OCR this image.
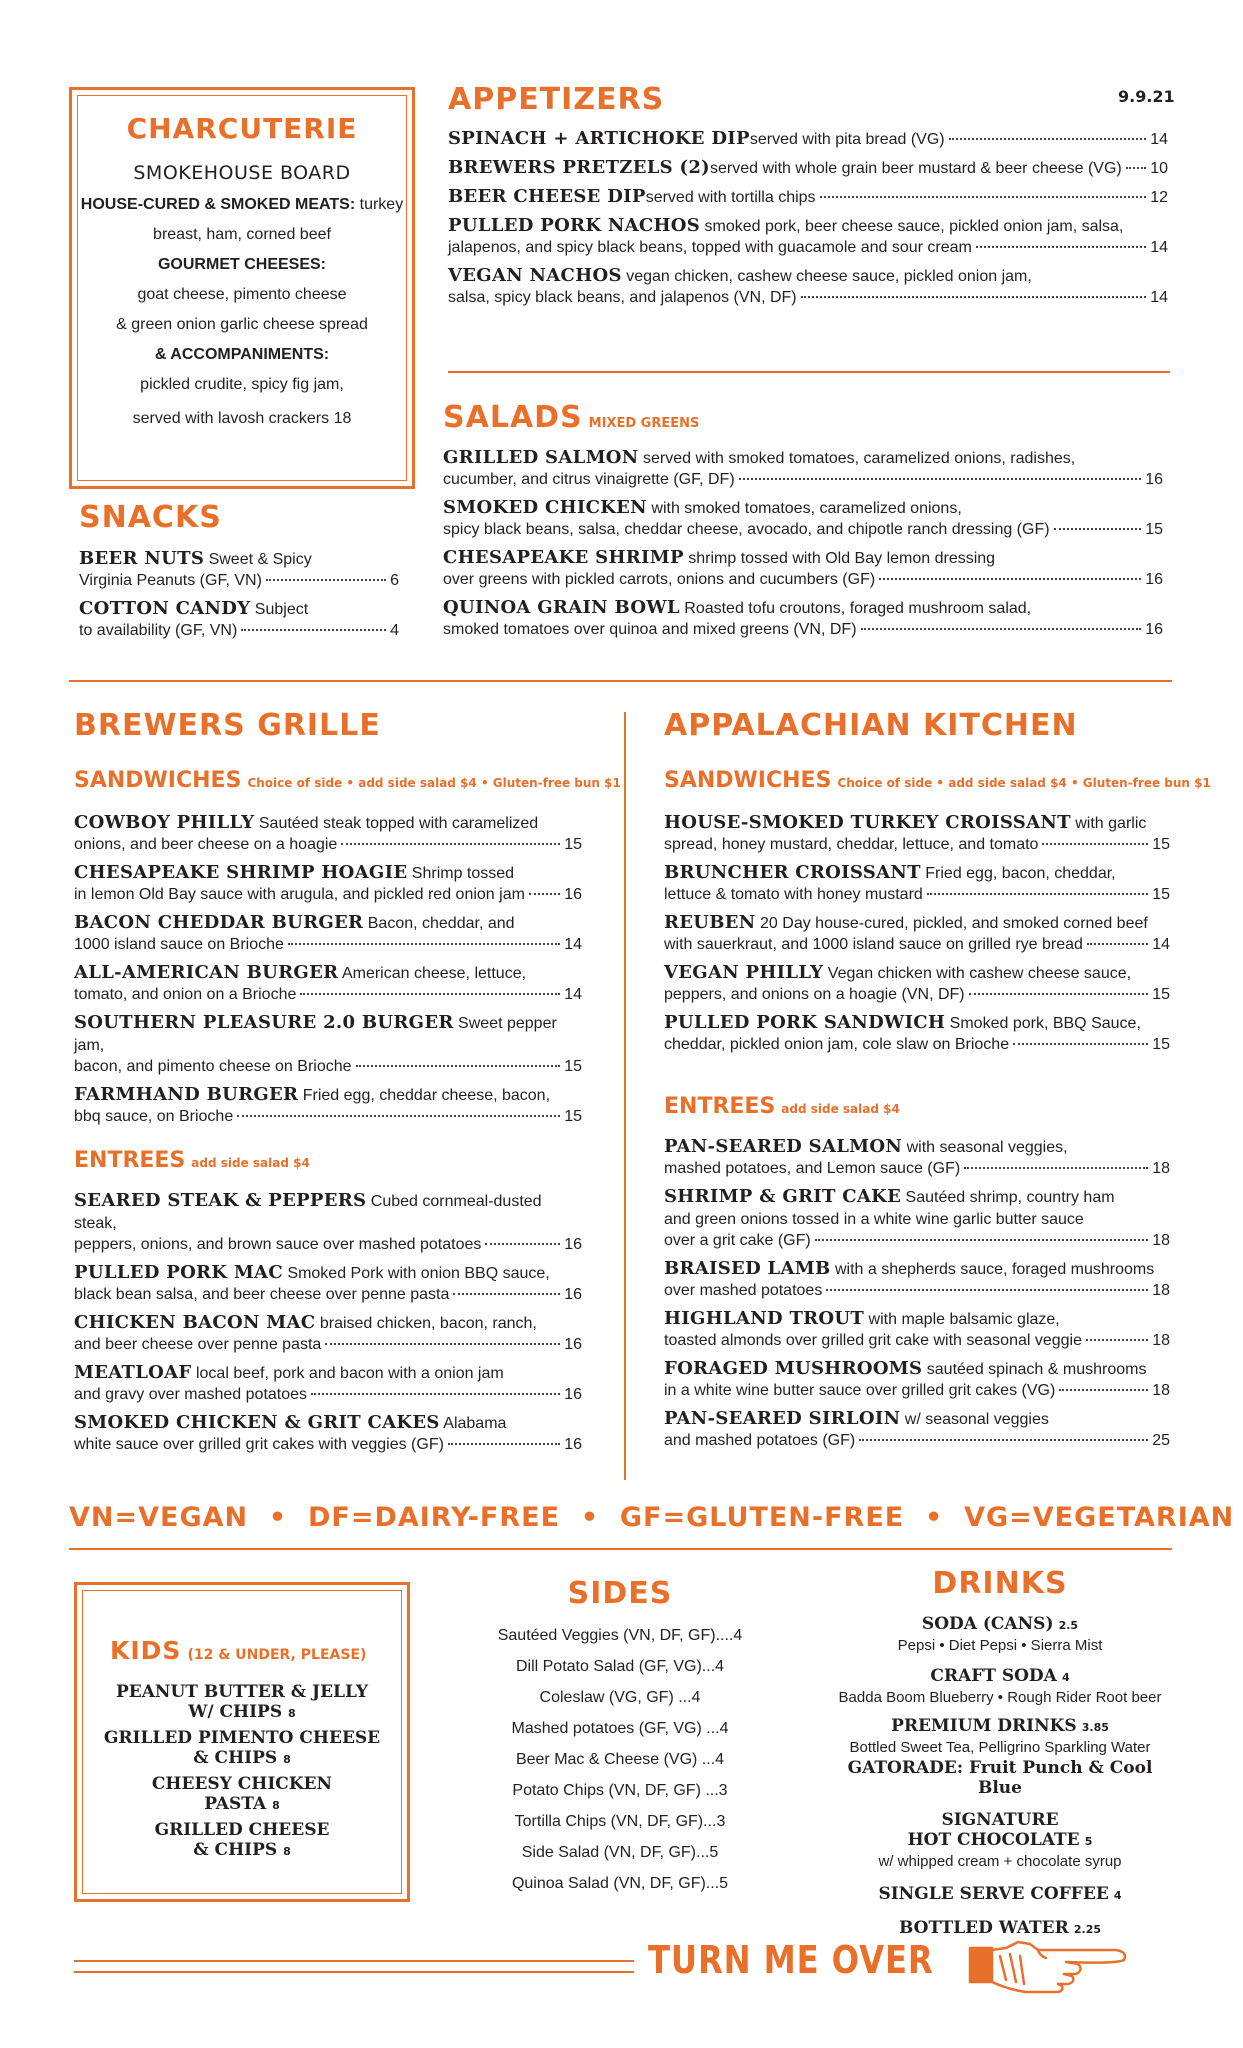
CHARCUTERIE
SMOKEHOUSE BOARD
HOUSE-CURED & SMOKED MEATS: turkey
breast, ham, corned beef
GOURMET CHEESES:
goat cheese, pimento cheese
& green onion garlic cheese spread
& ACCOMPANIMENTS:
pickled crudite, spicy fig jam,
served with lavosh crackers 18
SNACKS
BEER NUTS Sweet & Spicy
Virginia Peanuts (GF, VN)	6
COTTON CANDY Subject
to availability (GF, VN)	4
APPETIZERS	9.9.21
SPINACH + ARTICHOKE DIP served with pita bread (VG)	14
BREWERS PRETZELS (2) served with whole grain beer mustard & beer cheese (VG) 10
BEER CHEESE DIP served with tortilla chips	12
PULLED PORK NACHOS smoked pork, beer cheese sauce, pickled onion jam, salsa,
jalapenos, and spicy black beans, topped with guacamole and sour cream	14
VEGAN NACHOS vegan chicken, cashew cheese sauce, pickled onion jam,
salsa, spicy black beans, and jalapenos (VN, DF)	14
SALADS MIXED GREENS
GRILLED SALMON served with smoked tomatoes, caramelized onions, radishes,
cucumber, and citrus vinaigrette (GF, DF)	16
SMOKED CHICKEN with smoked tomatoes, caramelized onions,
spicy black beans, salsa, cheddar cheese, avocado, and chipotle ranch dressing (GF)	15
CHESAPEAKE SHRIMP shrimp tossed with Old Bay lemon dressing
over greens with pickled carrots, onions and cucumbers (GF)	16
QUINOA GRAIN BOWL Roasted tofu croutons, foraged mushroom salad,
smoked tomatoes over quinoa and mixed greens (VN, DF)	16
BREWERS GRILLE
SANDWICHES Choice of side • add side salad $4 • Gluten-free bun $1
COWBOY PHILLY Sautéed steak topped with caramelized
onions, and beer cheese on a hoagie	15
CHESAPEAKE SHRIMP HOAGIE Shrimp tossed
in lemon Old Bay sauce with arugula, and pickled red onion jam 16
BACON CHEDDAR BURGER Bacon, cheddar, and
1000 island sauce on Brioche	14
ALL-AMERICAN BURGER American cheese, lettuce,
tomato, and onion on a Brioche	14
SOUTHERN PLEASURE 2.0 BURGER Sweet pepper jam,
bacon, and pimento cheese on Brioche	15
FARMHAND BURGER Fried egg, cheddar cheese, bacon,
bbq sauce, on Brioche	15
ENTREES add side salad $4
SEARED STEAK & PEPPERS Cubed cornmeal-dusted steak,
peppers, onions, and brown sauce over mashed potatoes	16
PULLED PORK MAC Smoked Pork with onion BBQ sauce,
black bean salsa, and beer cheese over penne pasta	16
CHICKEN BACON MAC braised chicken, bacon, ranch,
and beer cheese over penne pasta	16
MEATLOAF local beef, pork and bacon with a onion jam
and gravy over mashed potatoes	16
SMOKED CHICKEN & GRIT CAKES Alabama
white sauce over grilled grit cakes with veggies (GF)	16
APPALACHIAN KITCHEN
SANDWICHES Choice of side • add side salad $4 • Gluten-free bun $1
HOUSE-SMOKED TURKEY CROISSANT with garlic
spread, honey mustard, cheddar, lettuce, and tomato	15
BRUNCHER CROISSANT Fried egg, bacon, cheddar,
lettuce & tomato with honey mustard	15
REUBEN 20 Day house-cured, pickled, and smoked corned beef
with sauerkraut, and 1000 island sauce on grilled rye bread	14
VEGAN PHILLY Vegan chicken with cashew cheese sauce,
peppers, and onions on a hoagie (VN, DF)	15
PULLED PORK SANDWICH Smoked pork, BBQ Sauce,
cheddar, pickled onion jam, cole slaw on Brioche	15
ENTREES add side salad $4
PAN-SEARED SALMON with seasonal veggies,
mashed potatoes, and Lemon sauce (GF)	18
SHRIMP & GRIT CAKE Sautéed shrimp, country ham
and green onions tossed in a white wine garlic butter sauce
over a grit cake (GF)	18
BRAISED LAMB with a shepherds sauce, foraged mushrooms
over mashed potatoes	18
HIGHLAND TROUT with maple balsamic glaze,
toasted almonds over grilled grit cake with seasonal veggie	18
FORAGED MUSHROOMS sautéed spinach & mushrooms
in a white wine butter sauce over grilled grit cakes (VG)	18
PAN-SEARED SIRLOIN w/ seasonal veggies
and mashed potatoes (GF)	25
VN=VEGAN  •  DF=DAIRY-FREE  •  GF=GLUTEN-FREE  •  VG=VEGETARIAN
KIDS (12 & UNDER, PLEASE)
PEANUT BUTTER & JELLY
W/ CHIPS 8
GRILLED PIMENTO CHEESE
& CHIPS 8
CHEESY CHICKEN
PASTA 8
GRILLED CHEESE
& CHIPS 8
SIDES
Sautéed Veggies (VN, DF, GF)....4
Dill Potato Salad (GF, VG)...4
Coleslaw (VG, GF) ...4
Mashed potatoes (GF, VG) ...4
Beer Mac & Cheese (VG) ...4
Potato Chips (VN, DF, GF) ...3
Tortilla Chips (VN, DF, GF)...3
Side Salad (VN, DF, GF)...5
Quinoa Salad (VN, DF, GF)...5
DRINKS
SODA (CANS) 2.5
Pepsi • Diet Pepsi • Sierra Mist
CRAFT SODA 4
Badda Boom Blueberry • Rough Rider Root beer
PREMIUM DRINKS 3.85
Bottled Sweet Tea, Pelligrino Sparkling Water
GATORADE: Fruit Punch & Cool Blue
SIGNATURE
HOT CHOCOLATE 5
w/ whipped cream + chocolate syrup
SINGLE SERVE COFFEE 4
BOTTLED WATER 2.25
TURN ME OVER
